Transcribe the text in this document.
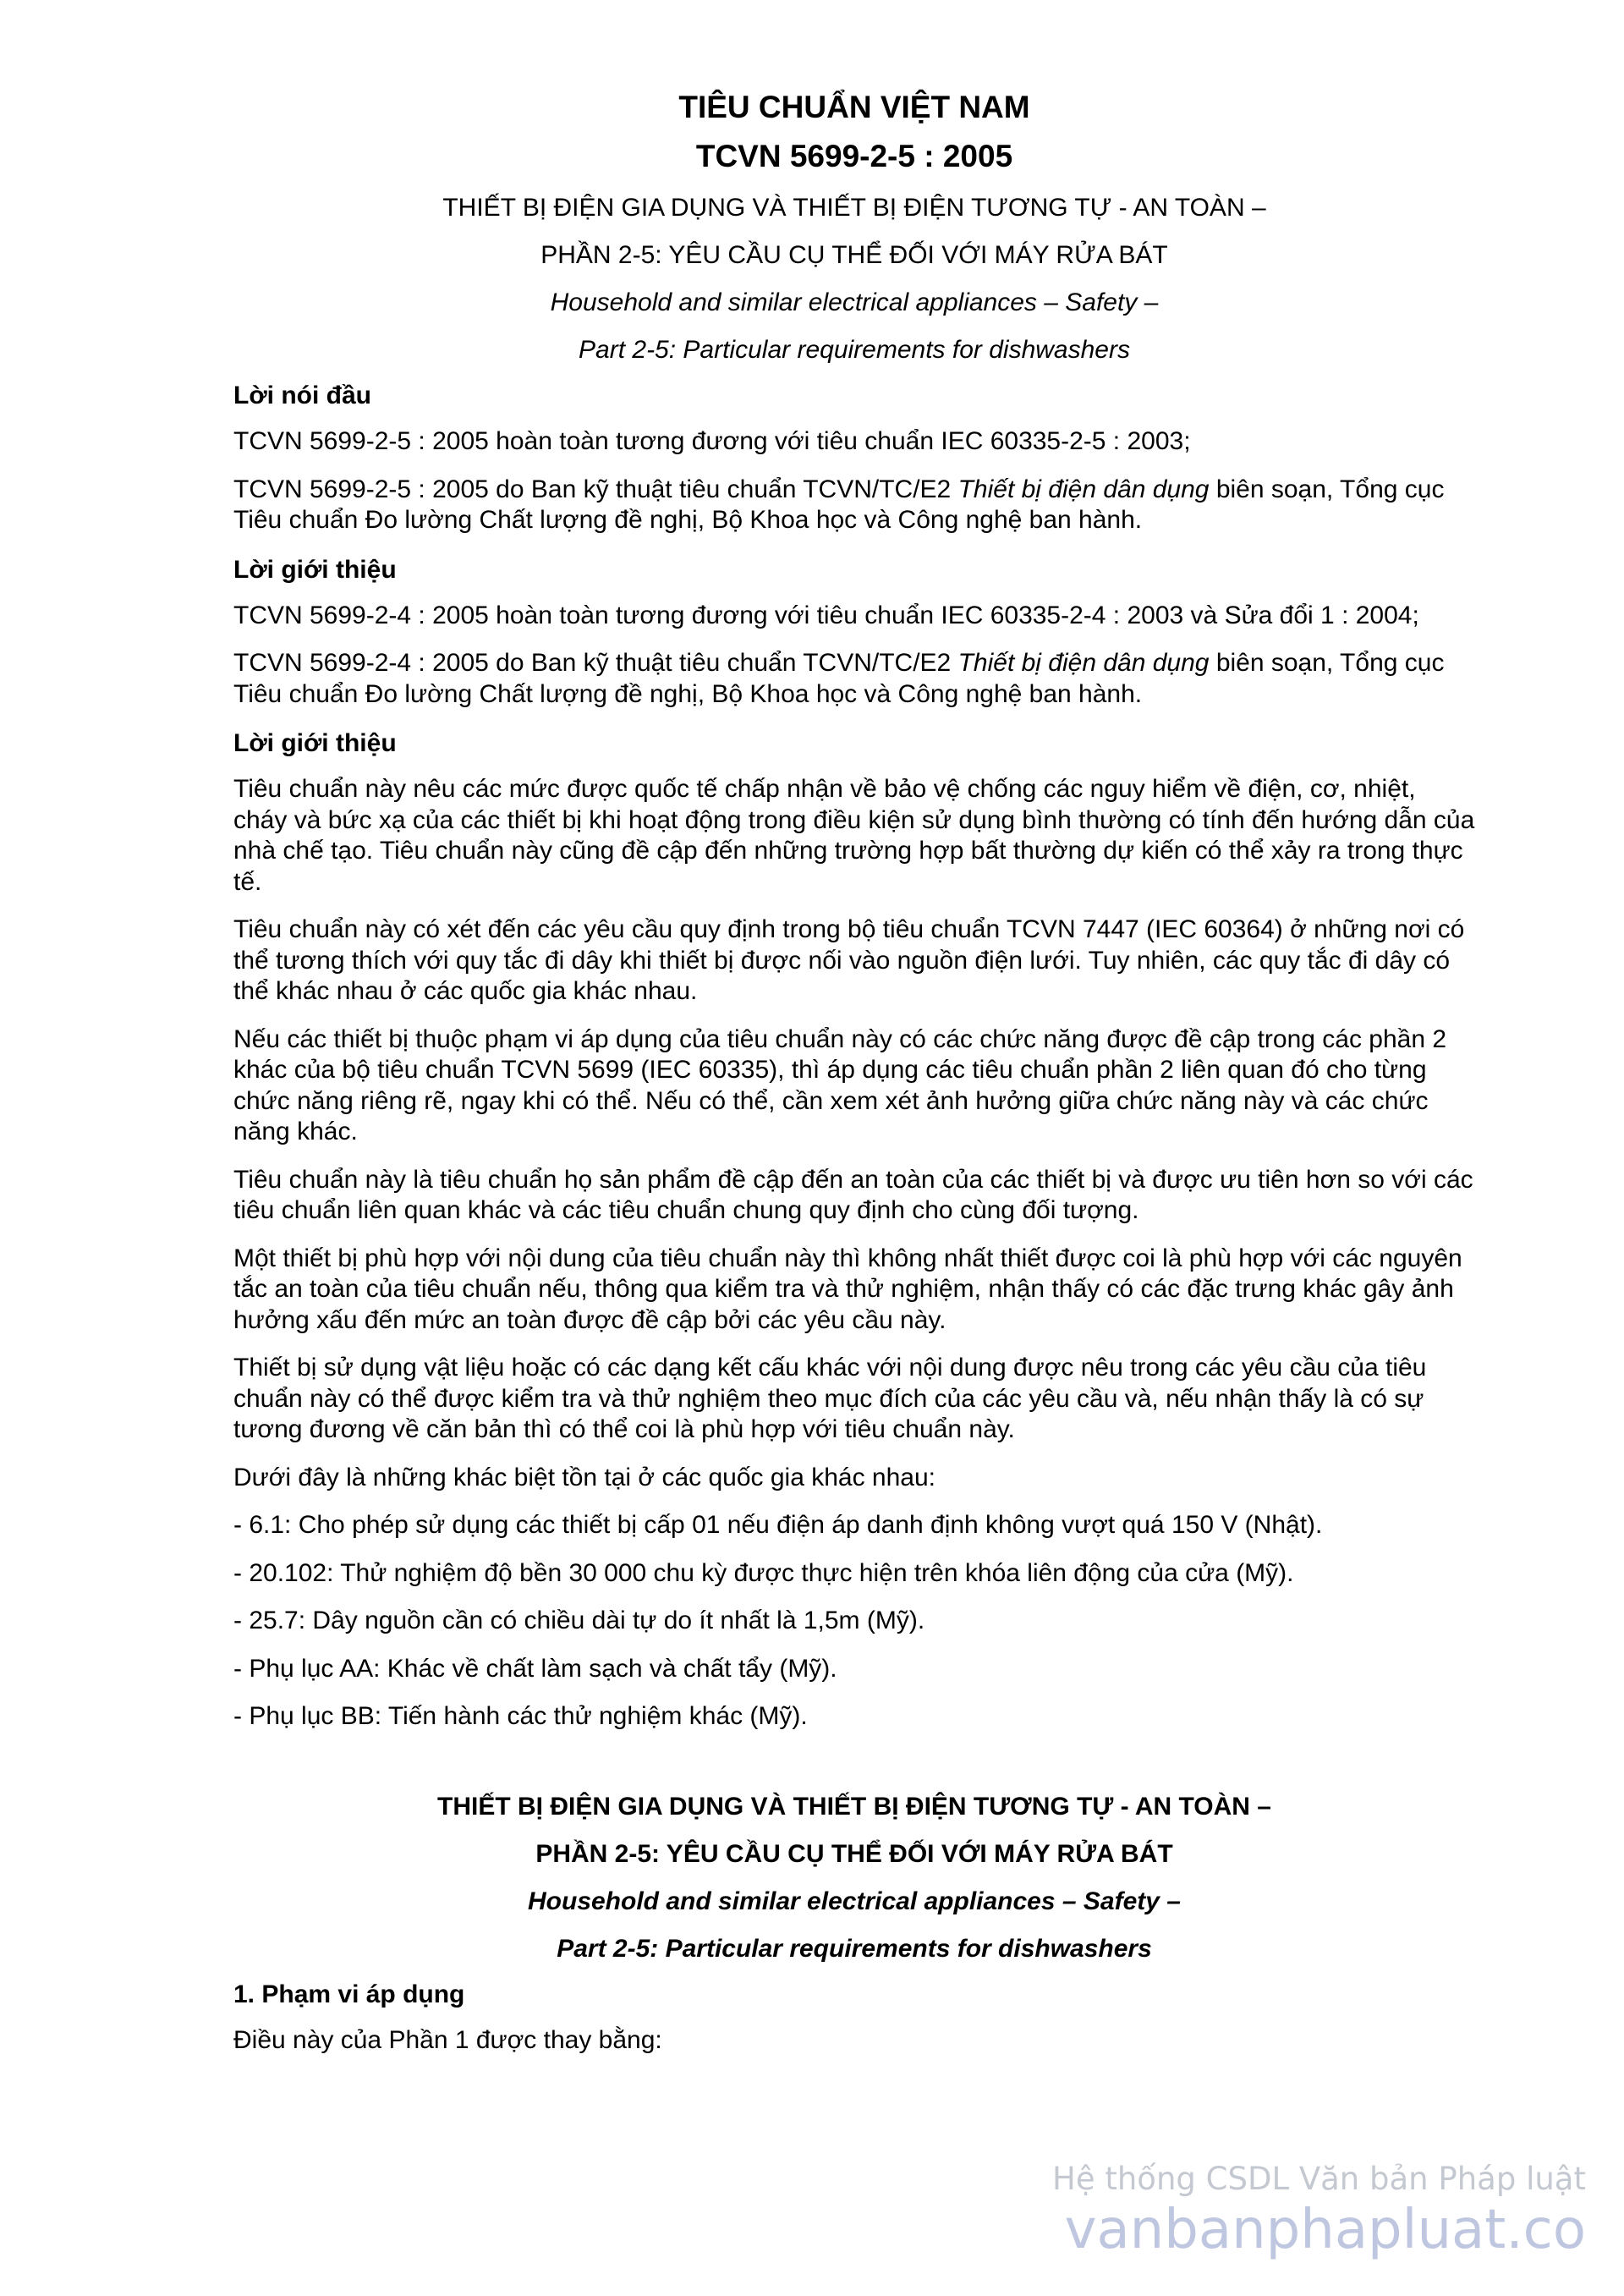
TIÊU CHUẨN VIỆT NAM
TCVN 5699-2-5 : 2005
THIẾT BỊ ĐIỆN GIA DỤNG VÀ THIẾT BỊ ĐIỆN TƯƠNG TỰ - AN TOÀN –
PHẦN 2-5: YÊU CẦU CỤ THỂ ĐỐI VỚI MÁY RỬA BÁT
Household and similar electrical appliances – Safety –
Part 2-5: Particular requirements for dishwashers
Lời nói đầu

TCVN 5699-2-5 : 2005 hoàn toàn tương đương với tiêu chuẩn IEC 60335-2-5 : 2003;

TCVN 5699-2-5 : 2005 do Ban kỹ thuật tiêu chuẩn TCVN/TC/E2 Thiết bị điện dân dụng biên soạn, Tổng cục Tiêu chuẩn Đo lường Chất lượng đề nghị, Bộ Khoa học và Công nghệ ban hành.

Lời giới thiệu

TCVN 5699-2-4 : 2005 hoàn toàn tương đương với tiêu chuẩn IEC 60335-2-4 : 2003 và Sửa đổi 1 : 2004;

TCVN 5699-2-4 : 2005 do Ban kỹ thuật tiêu chuẩn TCVN/TC/E2 Thiết bị điện dân dụng biên soạn, Tổng cục Tiêu chuẩn Đo lường Chất lượng đề nghị, Bộ Khoa học và Công nghệ ban hành.

Lời giới thiệu

Tiêu chuẩn này nêu các mức được quốc tế chấp nhận về bảo vệ chống các nguy hiểm về điện, cơ, nhiệt, cháy và bức xạ của các thiết bị khi hoạt động trong điều kiện sử dụng bình thường có tính đến hướng dẫn của nhà chế tạo. Tiêu chuẩn này cũng đề cập đến những trường hợp bất thường dự kiến có thể xảy ra trong thực tế.

Tiêu chuẩn này có xét đến các yêu cầu quy định trong bộ tiêu chuẩn TCVN 7447 (IEC 60364) ở những nơi có thể tương thích với quy tắc đi dây khi thiết bị được nối vào nguồn điện lưới. Tuy nhiên, các quy tắc đi dây có thể khác nhau ở các quốc gia khác nhau.

Nếu các thiết bị thuộc phạm vi áp dụng của tiêu chuẩn này có các chức năng được đề cập trong các phần 2 khác của bộ tiêu chuẩn TCVN 5699 (IEC 60335), thì áp dụng các tiêu chuẩn phần 2 liên quan đó cho từng chức năng riêng rẽ, ngay khi có thể. Nếu có thể, cần xem xét ảnh hưởng giữa chức năng này và các chức năng khác.

Tiêu chuẩn này là tiêu chuẩn họ sản phẩm đề cập đến an toàn của các thiết bị và được ưu tiên hơn so với các tiêu chuẩn liên quan khác và các tiêu chuẩn chung quy định cho cùng đối tượng.

Một thiết bị phù hợp với nội dung của tiêu chuẩn này thì không nhất thiết được coi là phù hợp với các nguyên tắc an toàn của tiêu chuẩn nếu, thông qua kiểm tra và thử nghiệm, nhận thấy có các đặc trưng khác gây ảnh hưởng xấu đến mức an toàn được đề cập bởi các yêu cầu này.

Thiết bị sử dụng vật liệu hoặc có các dạng kết cấu khác với nội dung được nêu trong các yêu cầu của tiêu chuẩn này có thể được kiểm tra và thử nghiệm theo mục đích của các yêu cầu và, nếu nhận thấy là có sự tương đương về căn bản thì có thể coi là phù hợp với tiêu chuẩn này.

Dưới đây là những khác biệt tồn tại ở các quốc gia khác nhau:

- 6.1: Cho phép sử dụng các thiết bị cấp 01 nếu điện áp danh định không vượt quá 150 V (Nhật).

- 20.102: Thử nghiệm độ bền 30 000 chu kỳ được thực hiện trên khóa liên động của cửa (Mỹ).

- 25.7: Dây nguồn cần có chiều dài tự do ít nhất là 1,5m (Mỹ).

- Phụ lục AA: Khác về chất làm sạch và chất tẩy (Mỹ).

- Phụ lục BB: Tiến hành các thử nghiệm khác (Mỹ).

THIẾT BỊ ĐIỆN GIA DỤNG VÀ THIẾT BỊ ĐIỆN TƯƠNG TỰ - AN TOÀN –
PHẦN 2-5: YÊU CẦU CỤ THỂ ĐỐI VỚI MÁY RỬA BÁT
Household and similar electrical appliances – Safety –
Part 2-5: Particular requirements for dishwashers
1. Phạm vi áp dụng

Điều này của Phần 1 được thay bằng:

Hệ thống CSDL Văn bản Pháp luật
vanbanphapluat.co
